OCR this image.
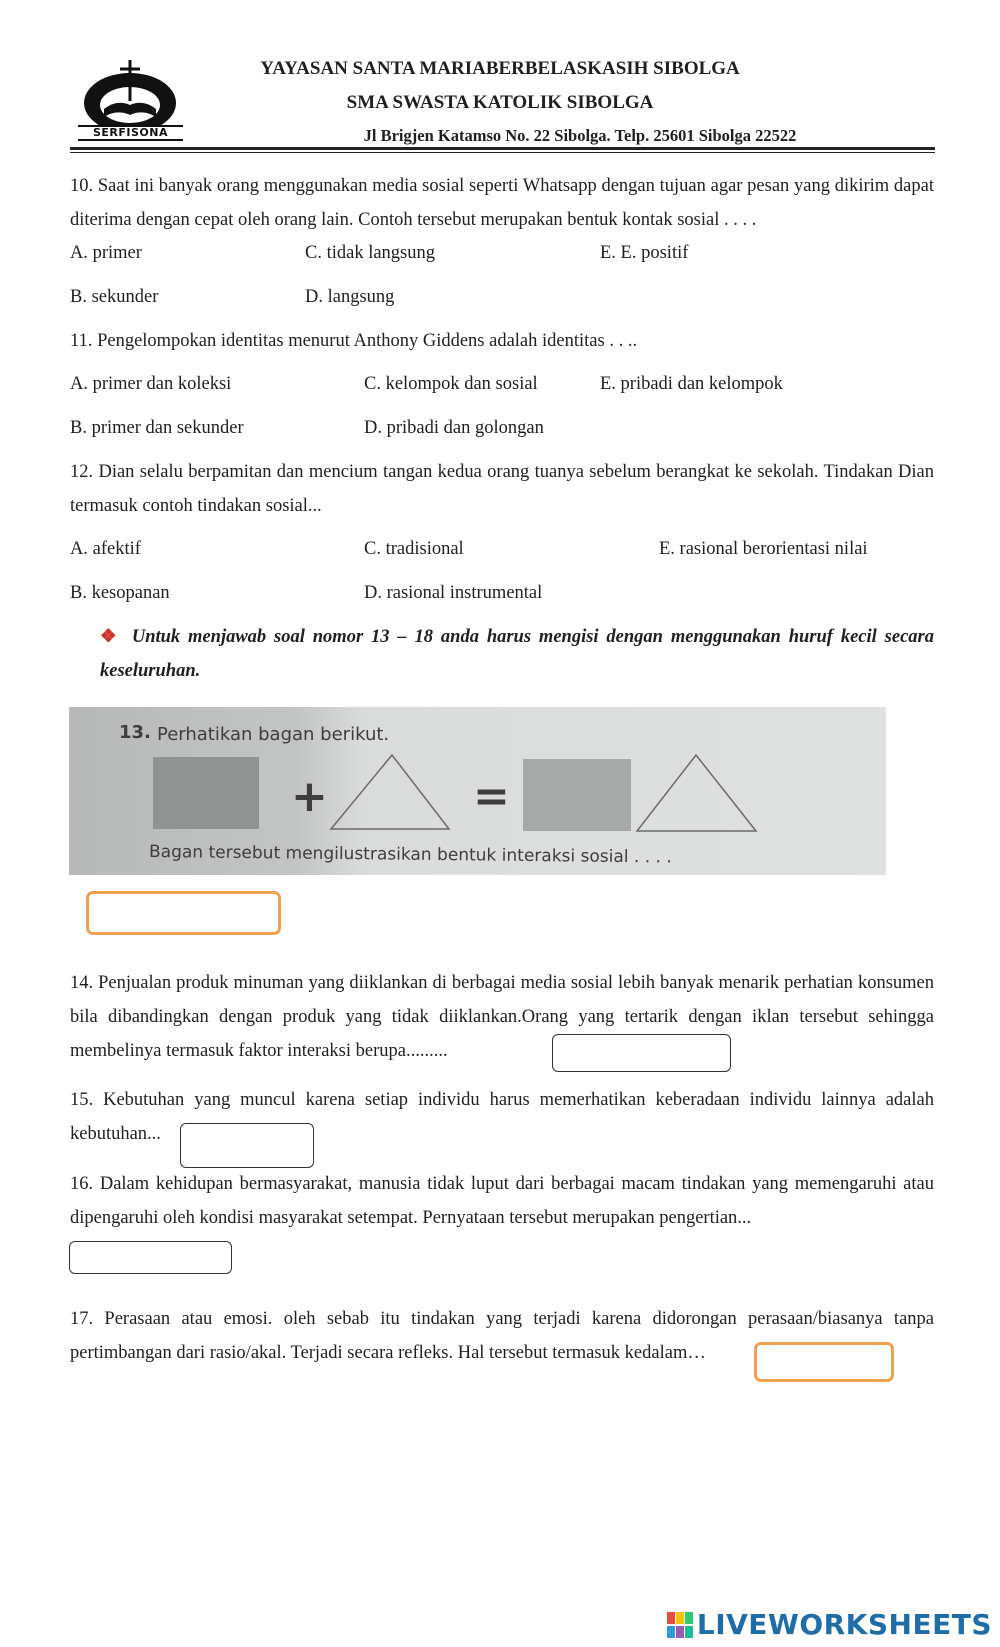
SERFISONA
YAYASAN SANTA MARIABERBELASKASIH SIBOLGA
SMA SWASTA KATOLIK SIBOLGA
Jl Brigjen Katamso No. 22 Sibolga. Telp. 25601 Sibolga 22522
10. Saat ini banyak orang menggunakan media sosial seperti Whatsapp dengan tujuan agar pesan yang dikirim dapat diterima dengan cepat oleh orang lain. Contoh tersebut merupakan bentuk kontak sosial . . . .
A. primer	C. tidak langsung	E. E. positif
B. sekunder	D. langsung
11. Pengelompokan identitas menurut Anthony Giddens adalah identitas . . ..
A. primer dan koleksi	C. kelompok dan sosial	E. pribadi dan kelompok
B. primer dan sekunder	D. pribadi dan golongan
12. Dian selalu berpamitan dan mencium tangan kedua orang tuanya sebelum berangkat ke sekolah. Tindakan Dian termasuk contoh tindakan sosial...
A. afektif	C. tradisional	E. rasional berorientasi nilai
B. kesopanan	D. rasional instrumental
❖ Untuk menjawab soal nomor 13 – 18 anda harus mengisi dengan menggunakan huruf kecil secara keseluruhan.
13. Perhatikan bagan berikut.
+	=
Bagan tersebut mengilustrasikan bentuk interaksi sosial . . . .
14. Penjualan produk minuman yang diiklankan di berbagai media sosial lebih banyak menarik perhatian konsumen bila dibandingkan dengan produk yang tidak diiklankan.Orang yang tertarik dengan iklan tersebut sehingga membelinya termasuk faktor interaksi berupa.........
15. Kebutuhan yang muncul karena setiap individu harus memerhatikan keberadaan individu lainnya adalah kebutuhan...
16. Dalam kehidupan bermasyarakat, manusia tidak luput dari berbagai macam tindakan yang memengaruhi atau dipengaruhi oleh kondisi masyarakat setempat. Pernyataan tersebut merupakan pengertian...
17. Perasaan atau emosi. oleh sebab itu tindakan yang terjadi karena didorongan perasaan/biasanya tanpa pertimbangan dari rasio/akal. Terjadi secara refleks. Hal tersebut termasuk kedalam…
LIVEWORKSHEETS
